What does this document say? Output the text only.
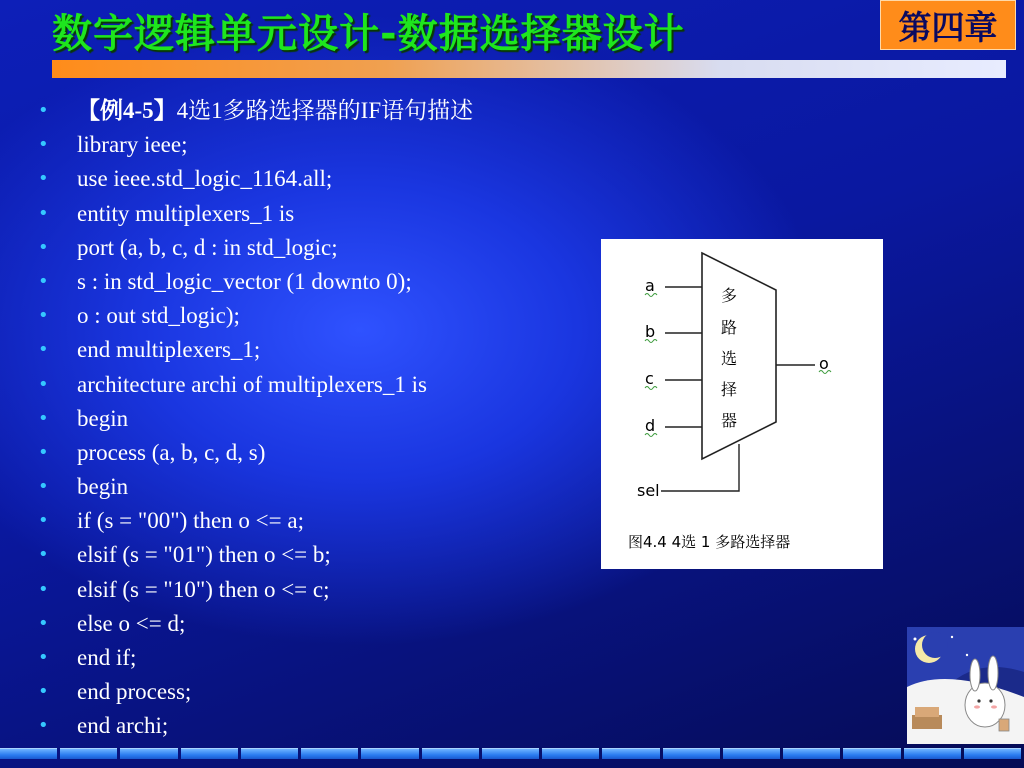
数字逻辑单元设计-数据选择器设计	第四章
• 【例4-5】4选1多路选择器的IF语句描述
• library ieee;
• use ieee.std_logic_1164.all;
• entity multiplexers_1 is
• port (a, b, c, d : in std_logic;
• s : in std_logic_vector (1 downto 0);
• o : out std_logic);
• end multiplexers_1;
• architecture archi of multiplexers_1 is
• begin
• process (a, b, c, d, s)
• begin
• if (s = "00") then o <= a;
• elsif (s = "01") then o <= b;
• elsif (s = "10") then o <= c;
• else o <= d;
• end if;
• end process;
• end archi;
a
b
c
d
o
sel
多
路
选
择
器
图4.4 4选 1 多路选择器
